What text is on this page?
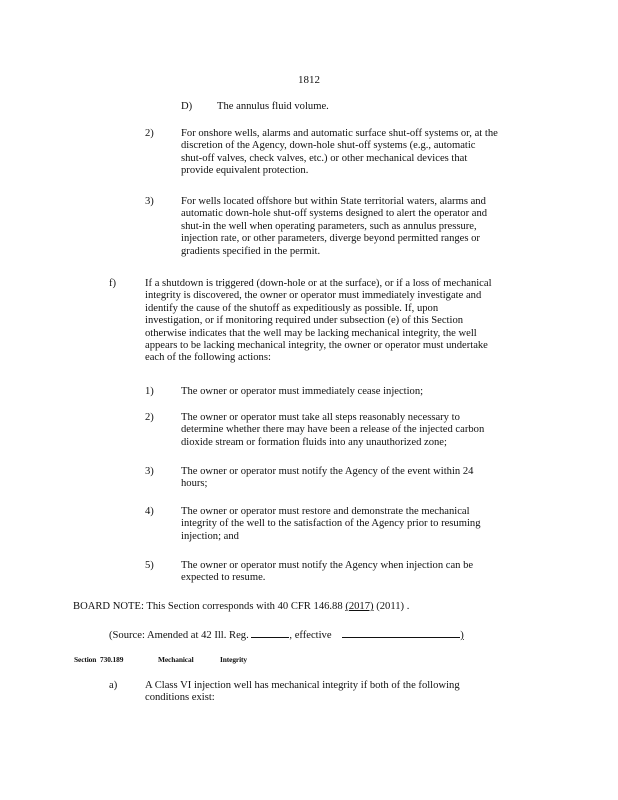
1812
D) The annulus fluid volume.
2)	For onshore wells, alarms and automatic surface shut-off systems or, at the
discretion of the Agency, down-hole shut-off systems (e.g., automatic
shut-off valves, check valves, etc.) or other mechanical devices that
provide equivalent protection.
3)	For wells located offshore but within State territorial waters, alarms and
automatic down-hole shut-off systems designed to alert the operator and
shut-in the well when operating parameters, such as annulus pressure,
injection rate, or other parameters, diverge beyond permitted ranges or
gradients specified in the permit.
f)	If a shutdown is triggered (down-hole or at the surface), or if a loss of mechanical
integrity is discovered, the owner or operator must immediately investigate and
identify the cause of the shutoff as expeditiously as possible. If, upon
investigation, or if monitoring required under subsection (e) of this Section
otherwise indicates that the well may be lacking mechanical integrity, the well
appears to be lacking mechanical integrity, the owner or operator must undertake
each of the following actions:
1)	The owner or operator must immediately cease injection;
2)	The owner or operator must take all steps reasonably necessary to
determine whether there may have been a release of the injected carbon
dioxide stream or formation fluids into any unauthorized zone;
3)	The owner or operator must notify the Agency of the event within 24
hours;
4)	The owner or operator must restore and demonstrate the mechanical
integrity of the well to the satisfaction of the Agency prior to resuming
injection; and
5)	The owner or operator must notify the Agency when injection can be
expected to resume.
BOARD NOTE: This Section corresponds with 40 CFR 146.88 (2017) (2011) .
(Source: Amended at 42 Ill. Reg.	, effective	)
Section 730.189	Mechanical	Integrity
a)	A Class VI injection well has mechanical integrity if both of the following
conditions exist:
